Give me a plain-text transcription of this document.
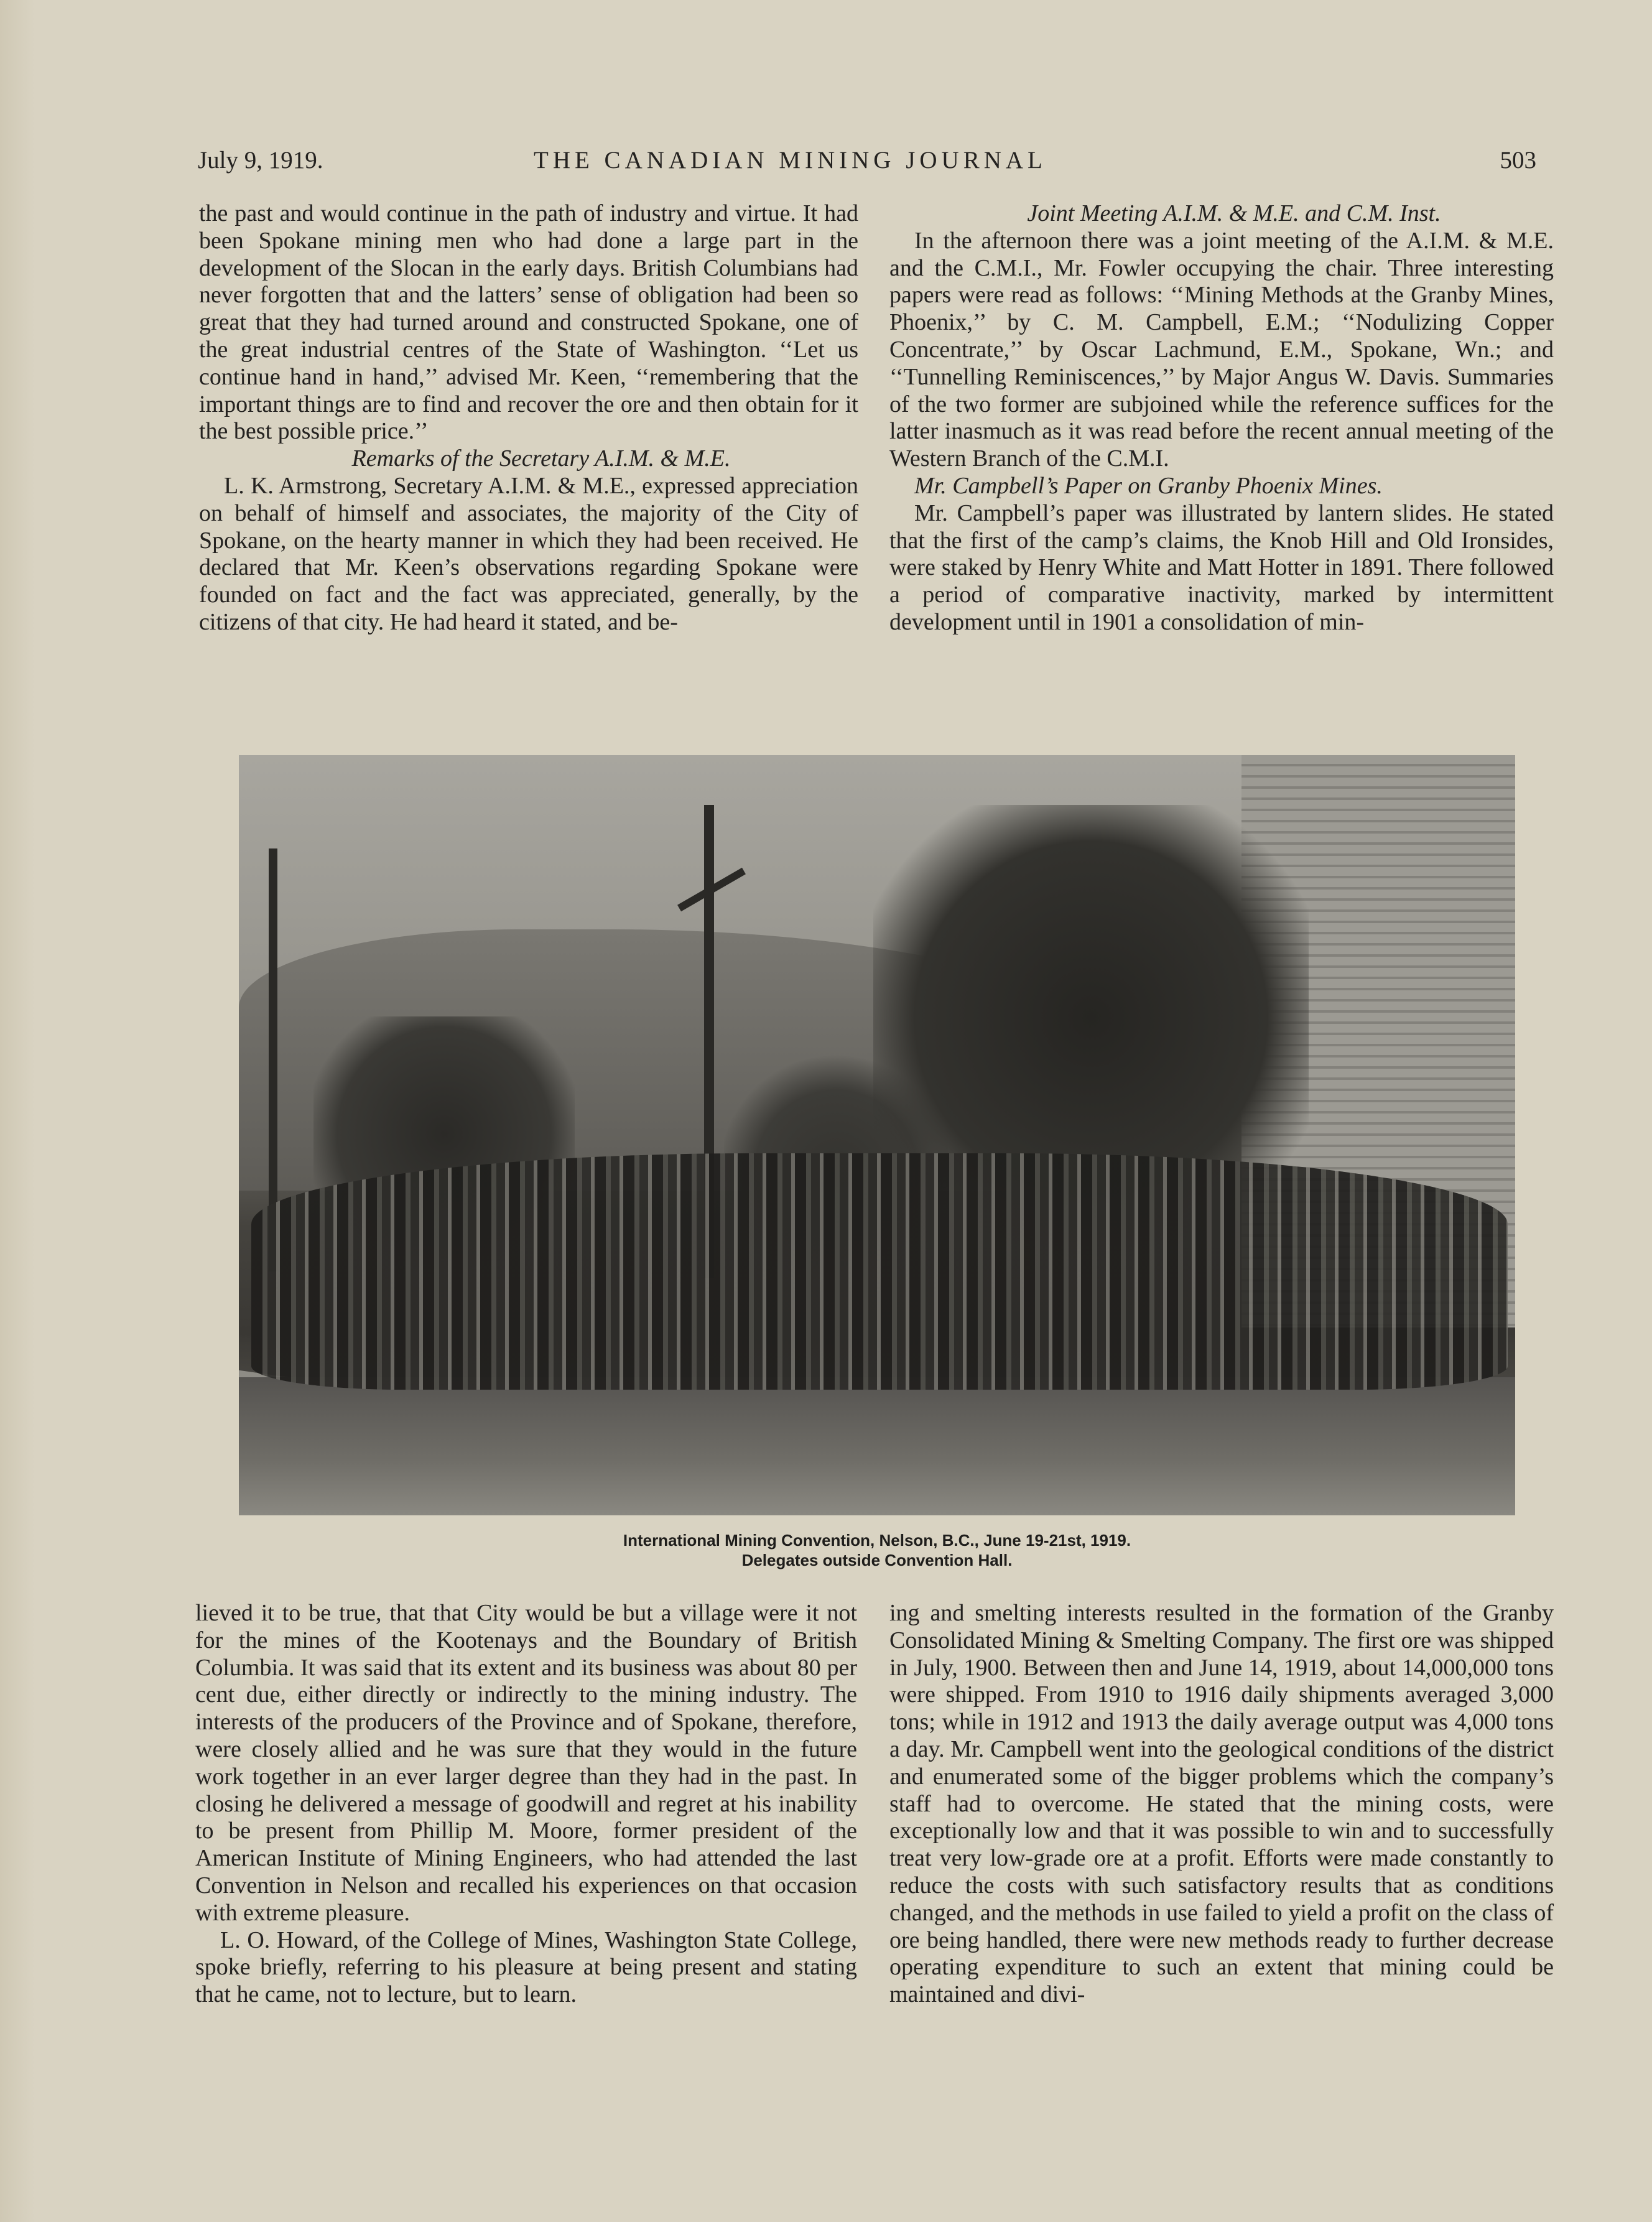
July 9, 1919.	THE CANADIAN MINING JOURNAL	503

the past and would continue in the path of industry and virtue. It had been Spokane mining men who had done a large part in the development of the Slocan in the early days. British Columbians had never forgotten that and the latters’ sense of obligation had been so great that they had turned around and constructed Spokane, one of the great industrial centres of the State of Washington. ‘‘Let us continue hand in hand,’’ advised Mr. Keen, ‘‘remembering that the important things are to find and recover the ore and then obtain for it the best possible price.’’

Remarks of the Secretary A.I.M. & M.E.

L. K. Armstrong, Secretary A.I.M. & M.E., expressed appreciation on behalf of himself and associates, the majority of the City of Spokane, on the hearty manner in which they had been received. He declared that Mr. Keen’s observations regarding Spokane were founded on fact and the fact was appreciated, generally, by the citizens of that city. He had heard it stated, and be-

Joint Meeting A.I.M. & M.E. and C.M. Inst.

In the afternoon there was a joint meeting of the A.I.M. & M.E. and the C.M.I., Mr. Fowler occupying the chair. Three interesting papers were read as follows: ‘‘Mining Methods at the Granby Mines, Phoenix,’’ by C. M. Campbell, E.M.; ‘‘Nodulizing Copper Concentrate,’’ by Oscar Lachmund, E.M., Spokane, Wn.; and ‘‘Tunnelling Reminiscences,’’ by Major Angus W. Davis. Summaries of the two former are subjoined while the reference suffices for the latter inasmuch as it was read before the recent annual meeting of the Western Branch of the C.M.I.

Mr. Campbell’s Paper on Granby Phoenix Mines.

Mr. Campbell’s paper was illustrated by lantern slides. He stated that the first of the camp’s claims, the Knob Hill and Old Ironsides, were staked by Henry White and Matt Hotter in 1891. There followed a period of comparative inactivity, marked by intermittent development until in 1901 a consolidation of min-

International Mining Convention, Nelson, B.C., June 19-21st, 1919.
Delegates outside Convention Hall.

lieved it to be true, that that City would be but a village were it not for the mines of the Kootenays and the Boundary of British Columbia. It was said that its extent and its business was about 80 per cent due, either directly or indirectly to the mining industry. The interests of the producers of the Province and of Spokane, therefore, were closely allied and he was sure that they would in the future work together in an ever larger degree than they had in the past. In closing he delivered a message of goodwill and regret at his inability to be present from Phillip M. Moore, former president of the American Institute of Mining Engineers, who had attended the last Convention in Nelson and recalled his experiences on that occasion with extreme pleasure.

L. O. Howard, of the College of Mines, Washington State College, spoke briefly, referring to his pleasure at being present and stating that he came, not to lecture, but to learn.

ing and smelting interests resulted in the formation of the Granby Consolidated Mining & Smelting Company. The first ore was shipped in July, 1900. Between then and June 14, 1919, about 14,000,000 tons were shipped. From 1910 to 1916 daily shipments averaged 3,000 tons; while in 1912 and 1913 the daily average output was 4,000 tons a day. Mr. Campbell went into the geological conditions of the district and enumerated some of the bigger problems which the company’s staff had to overcome. He stated that the mining costs, were exceptionally low and that it was possible to win and to successfully treat very low-grade ore at a profit. Efforts were made constantly to reduce the costs with such satisfactory results that as conditions changed, and the methods in use failed to yield a profit on the class of ore being handled, there were new methods ready to further decrease operating expenditure to such an extent that mining could be maintained and divi-
